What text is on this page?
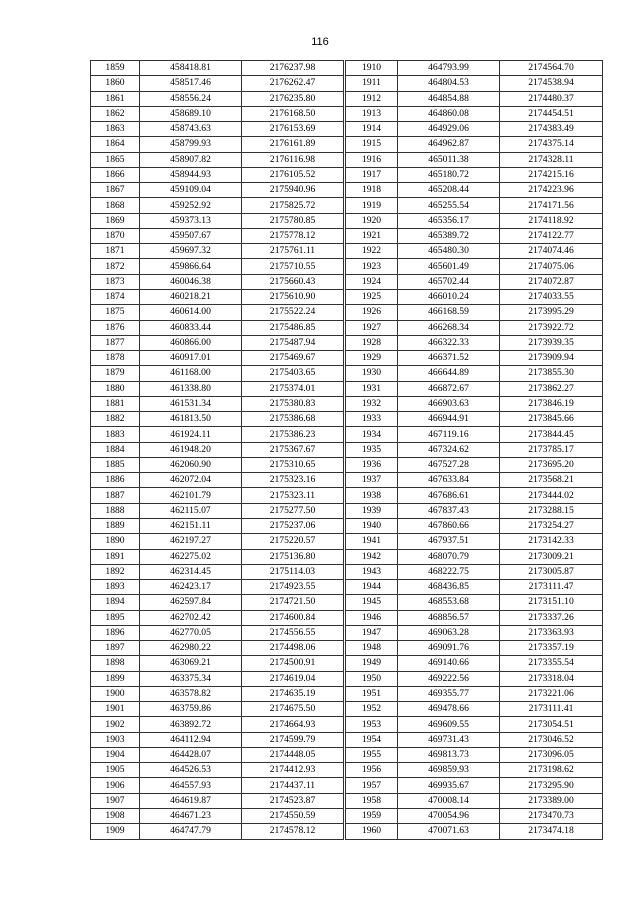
116
1859	458418.81	2176237.98
1860	458517.46	2176262.47
1861	458556.24	2176235.80
1862	458689.10	2176168.50
1863	458743.63	2176153.69
1864	458799.93	2176161.89
1865	458907.82	2176116.98
1866	458944.93	2176105.52
1867	459109.04	2175940.96
1868	459252.92	2175825.72
1869	459373.13	2175780.85
1870	459507.67	2175778.12
1871	459697.32	2175761.11
1872	459866.64	2175710.55
1873	460046.38	2175660.43
1874	460218.21	2175610.90
1875	460614.00	2175522.24
1876	460833.44	2175486.85
1877	460866.00	2175487.94
1878	460917.01	2175469.67
1879	461168.00	2175403.65
1880	461338.80	2175374.01
1881	461531.34	2175380.83
1882	461813.50	2175386.68
1883	461924.11	2175386.23
1884	461948.20	2175367.67
1885	462060.90	2175310.65
1886	462072.04	2175323.16
1887	462101.79	2175323.11
1888	462115.07	2175277.50
1889	462151.11	2175237.06
1890	462197.27	2175220.57
1891	462275.02	2175136.80
1892	462314.45	2175114.03
1893	462423.17	2174923.55
1894	462597.84	2174721.50
1895	462702.42	2174600.84
1896	462770.05	2174556.55
1897	462980.22	2174498.06
1898	463069.21	2174500.91
1899	463375.34	2174619.04
1900	463578.82	2174635.19
1901	463759.86	2174675.50
1902	463892.72	2174664.93
1903	464112.94	2174599.79
1904	464428.07	2174448.05
1905	464526.53	2174412.93
1906	464557.93	2174437.11
1907	464619.87	2174523.87
1908	464671.23	2174550.59
1909	464747.79	2174578.12
1910	464793.99	2174564.70
1911	464804.53	2174538.94
1912	464854.88	2174480.37
1913	464860.08	2174454.51
1914	464929.06	2174383.49
1915	464962.87	2174375.14
1916	465011.38	2174328.11
1917	465180.72	2174215.16
1918	465208.44	2174223.96
1919	465255.54	2174171.56
1920	465356.17	2174118.92
1921	465389.72	2174122.77
1922	465480.30	2174074.46
1923	465601.49	2174075.06
1924	465702.44	2174072.87
1925	466010.24	2174033.55
1926	466168.59	2173995.29
1927	466268.34	2173922.72
1928	466322.33	2173939.35
1929	466371.52	2173909.94
1930	466644.89	2173855.30
1931	466872.67	2173862.27
1932	466903.63	2173846.19
1933	466944.91	2173845.66
1934	467119.16	2173844.45
1935	467324.62	2173785.17
1936	467527.28	2173695.20
1937	467633.84	2173568.21
1938	467686.61	2173444.02
1939	467837.43	2173288.15
1940	467860.66	2173254.27
1941	467937.51	2173142.33
1942	468070.79	2173009.21
1943	468222.75	2173005.87
1944	468436.85	2173111.47
1945	468553.68	2173151.10
1946	468856.57	2173337.26
1947	469063.28	2173363.93
1948	469091.76	2173357.19
1949	469140.66	2173355.54
1950	469222.56	2173318.04
1951	469355.77	2173221.06
1952	469478.66	2173111.41
1953	469609.55	2173054.51
1954	469731.43	2173046.52
1955	469813.73	2173096.05
1956	469859.93	2173198.62
1957	469935.67	2173295.90
1958	470008.14	2173389.00
1959	470054.96	2173470.73
1960	470071.63	2173474.18
